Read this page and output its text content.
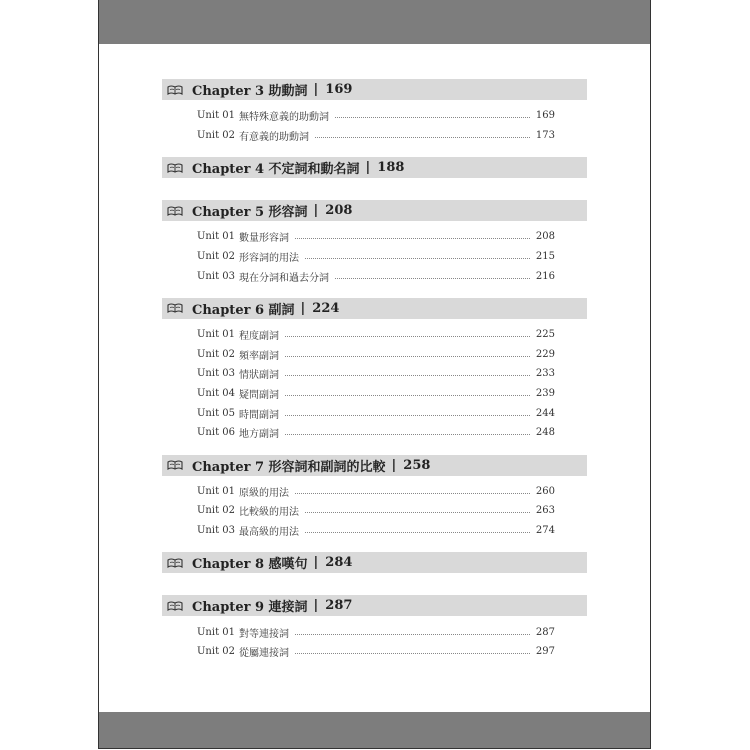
Chapter 3 助動詞 | 169
Unit 01 無特殊意義的助動詞	169
Unit 02 有意義的助動詞	173
Chapter 4 不定詞和動名詞 | 188
Chapter 5 形容詞 | 208
Unit 01 數量形容詞	208
Unit 02 形容詞的用法	215
Unit 03 現在分詞和過去分詞	216
Chapter 6 副詞 | 224
Unit 01 程度副詞	225
Unit 02 頻率副詞	229
Unit 03 情狀副詞	233
Unit 04 疑問副詞	239
Unit 05 時間副詞	244
Unit 06 地方副詞	248
Chapter 7 形容詞和副詞的比較 | 258
Unit 01 原級的用法	260
Unit 02 比較級的用法	263
Unit 03 最高級的用法	274
Chapter 8 感嘆句 | 284
Chapter 9 連接詞 | 287
Unit 01 對等連接詞	287
Unit 02 從屬連接詞	297
